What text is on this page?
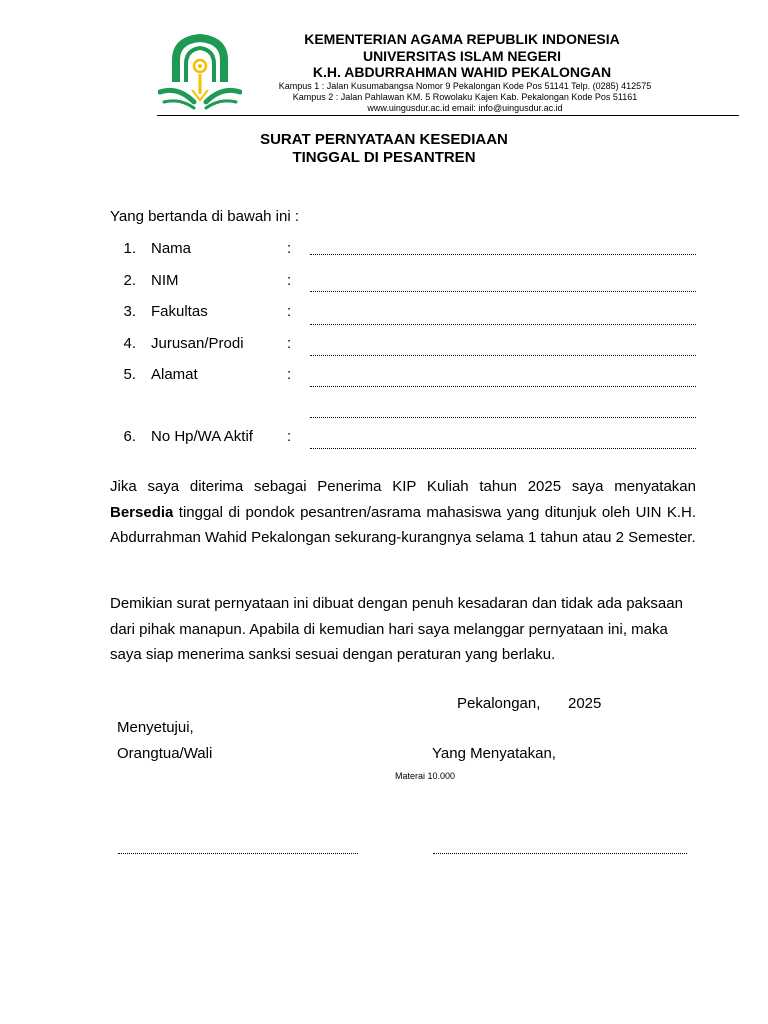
KEMENTERIAN AGAMA REPUBLIK INDONESIA
UNIVERSITAS ISLAM NEGERI
K.H. ABDURRAHMAN WAHID PEKALONGAN
Kampus 1 : Jalan Kusumabangsa Nomor 9 Pekalongan Kode Pos 51141 Telp. (0285) 412575
Kampus 2 : Jalan Pahlawan KM. 5 Rowolaku Kajen Kab. Pekalongan Kode Pos 51161
www.uingusdur.ac.id email: info@uingusdur.ac.id
SURAT PERNYATAAN KESEDIAAN
TINGGAL DI PESANTREN
Yang bertanda di bawah ini :
1. Nama	:
2. NIM	:
3. Fakultas	:
4. Jurusan/Prodi	:
5. Alamat	:
6. No Hp/WA Aktif :
Jika saya diterima sebagai Penerima KIP Kuliah tahun 2025 saya menyatakan Bersedia tinggal di pondok pesantren/asrama mahasiswa yang ditunjuk oleh UIN K.H. Abdurrahman Wahid Pekalongan sekurang-kurangnya selama 1 tahun atau 2 Semester.
Demikian surat pernyataan ini dibuat dengan penuh kesadaran dan tidak ada paksaan dari pihak manapun. Apabila di kemudian hari saya melanggar pernyataan ini, maka saya siap menerima sanksi sesuai dengan peraturan yang berlaku.
Pekalongan, 2025
Menyetujui,
Orangtua/Wali	Yang Menyatakan,
Materai 10.000
